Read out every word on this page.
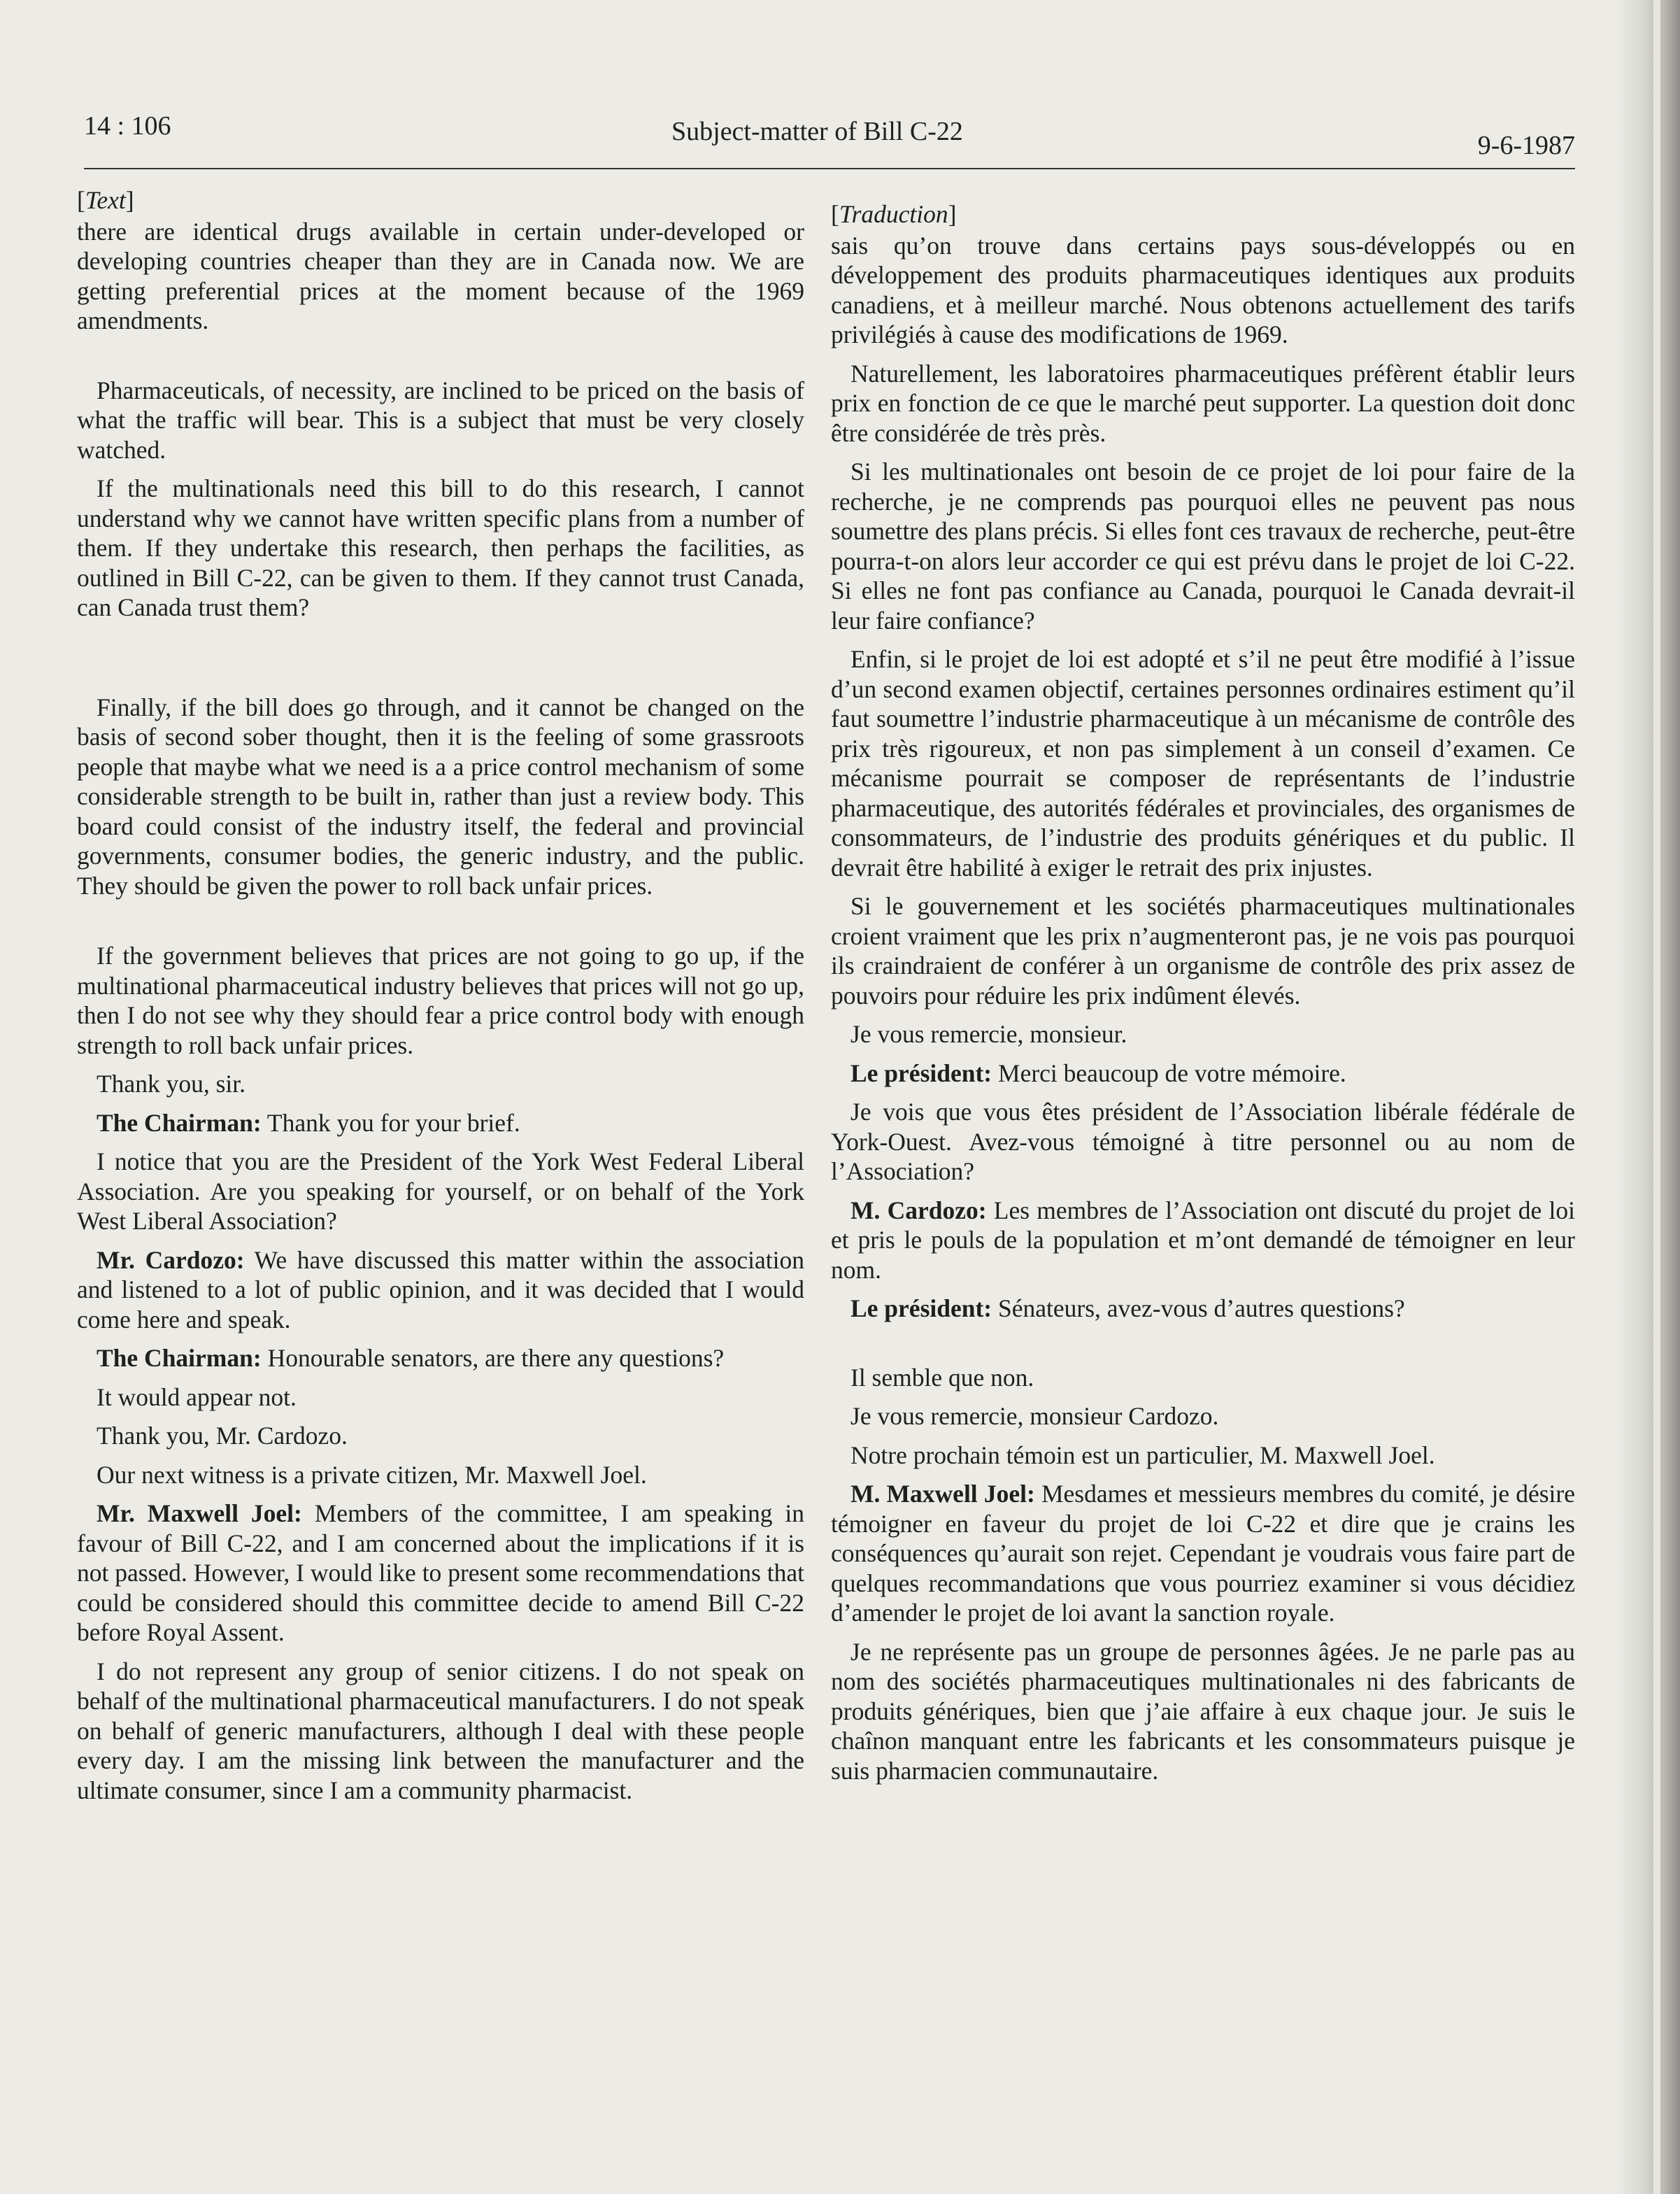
14 : 106	Subject-matter of Bill C-22	9-6-1987

[Text]

there are identical drugs available in certain under-developed or developing countries cheaper than they are in Canada now. We are getting preferential prices at the moment because of the 1969 amendments.

Pharmaceuticals, of necessity, are inclined to be priced on the basis of what the traffic will bear. This is a subject that must be very closely watched.

If the multinationals need this bill to do this research, I cannot understand why we cannot have written specific plans from a number of them. If they undertake this research, then perhaps the facilities, as outlined in Bill C-22, can be given to them. If they cannot trust Canada, can Canada trust them?

Finally, if the bill does go through, and it cannot be changed on the basis of second sober thought, then it is the feeling of some grassroots people that maybe what we need is a a price control mechanism of some considerable strength to be built in, rather than just a review body. This board could consist of the industry itself, the federal and provincial governments, consumer bodies, the generic industry, and the public. They should be given the power to roll back unfair prices.

If the government believes that prices are not going to go up, if the multinational pharmaceutical industry believes that prices will not go up, then I do not see why they should fear a price control body with enough strength to roll back unfair prices.

Thank you, sir.

The Chairman: Thank you for your brief.

I notice that you are the President of the York West Federal Liberal Association. Are you speaking for yourself, or on behalf of the York West Liberal Association?

Mr. Cardozo: We have discussed this matter within the association and listened to a lot of public opinion, and it was decided that I would come here and speak.

The Chairman: Honourable senators, are there any questions?

It would appear not.

Thank you, Mr. Cardozo.

Our next witness is a private citizen, Mr. Maxwell Joel.

Mr. Maxwell Joel: Members of the committee, I am speaking in favour of Bill C-22, and I am concerned about the implications if it is not passed. However, I would like to present some recommendations that could be considered should this committee decide to amend Bill C-22 before Royal Assent.

I do not represent any group of senior citizens. I do not speak on behalf of the multinational pharmaceutical manufacturers. I do not speak on behalf of generic manufacturers, although I deal with these people every day. I am the missing link between the manufacturer and the ultimate consumer, since I am a community pharmacist.

[Traduction]

sais qu’on trouve dans certains pays sous-développés ou en développement des produits pharmaceutiques identiques aux produits canadiens, et à meilleur marché. Nous obtenons actuellement des tarifs privilégiés à cause des modifications de 1969.

Naturellement, les laboratoires pharmaceutiques préfèrent établir leurs prix en fonction de ce que le marché peut supporter. La question doit donc être considérée de très près.

Si les multinationales ont besoin de ce projet de loi pour faire de la recherche, je ne comprends pas pourquoi elles ne peuvent pas nous soumettre des plans précis. Si elles font ces travaux de recherche, peut-être pourra-t-on alors leur accorder ce qui est prévu dans le projet de loi C-22. Si elles ne font pas confiance au Canada, pourquoi le Canada devrait-il leur faire confiance?

Enfin, si le projet de loi est adopté et s’il ne peut être modifié à l’issue d’un second examen objectif, certaines personnes ordinaires estiment qu’il faut soumettre l’industrie pharmaceutique à un mécanisme de contrôle des prix très rigoureux, et non pas simplement à un conseil d’examen. Ce mécanisme pourrait se composer de représentants de l’industrie pharmaceutique, des autorités fédérales et provinciales, des organismes de consommateurs, de l’industrie des produits génériques et du public. Il devrait être habilité à exiger le retrait des prix injustes.

Si le gouvernement et les sociétés pharmaceutiques multinationales croient vraiment que les prix n’augmenteront pas, je ne vois pas pourquoi ils craindraient de conférer à un organisme de contrôle des prix assez de pouvoirs pour réduire les prix indûment élevés.

Je vous remercie, monsieur.

Le président: Merci beaucoup de votre mémoire.

Je vois que vous êtes président de l’Association libérale fédérale de York-Ouest. Avez-vous témoigné à titre personnel ou au nom de l’Association?

M. Cardozo: Les membres de l’Association ont discuté du projet de loi et pris le pouls de la population et m’ont demandé de témoigner en leur nom.

Le président: Sénateurs, avez-vous d’autres questions?

Il semble que non.

Je vous remercie, monsieur Cardozo.

Notre prochain témoin est un particulier, M. Maxwell Joel.

M. Maxwell Joel: Mesdames et messieurs membres du comité, je désire témoigner en faveur du projet de loi C-22 et dire que je crains les conséquences qu’aurait son rejet. Cependant je voudrais vous faire part de quelques recommandations que vous pourriez examiner si vous décidiez d’amender le projet de loi avant la sanction royale.

Je ne représente pas un groupe de personnes âgées. Je ne parle pas au nom des sociétés pharmaceutiques multinationales ni des fabricants de produits génériques, bien que j’aie affaire à eux chaque jour. Je suis le chaînon manquant entre les fabricants et les consommateurs puisque je suis pharmacien communautaire.
